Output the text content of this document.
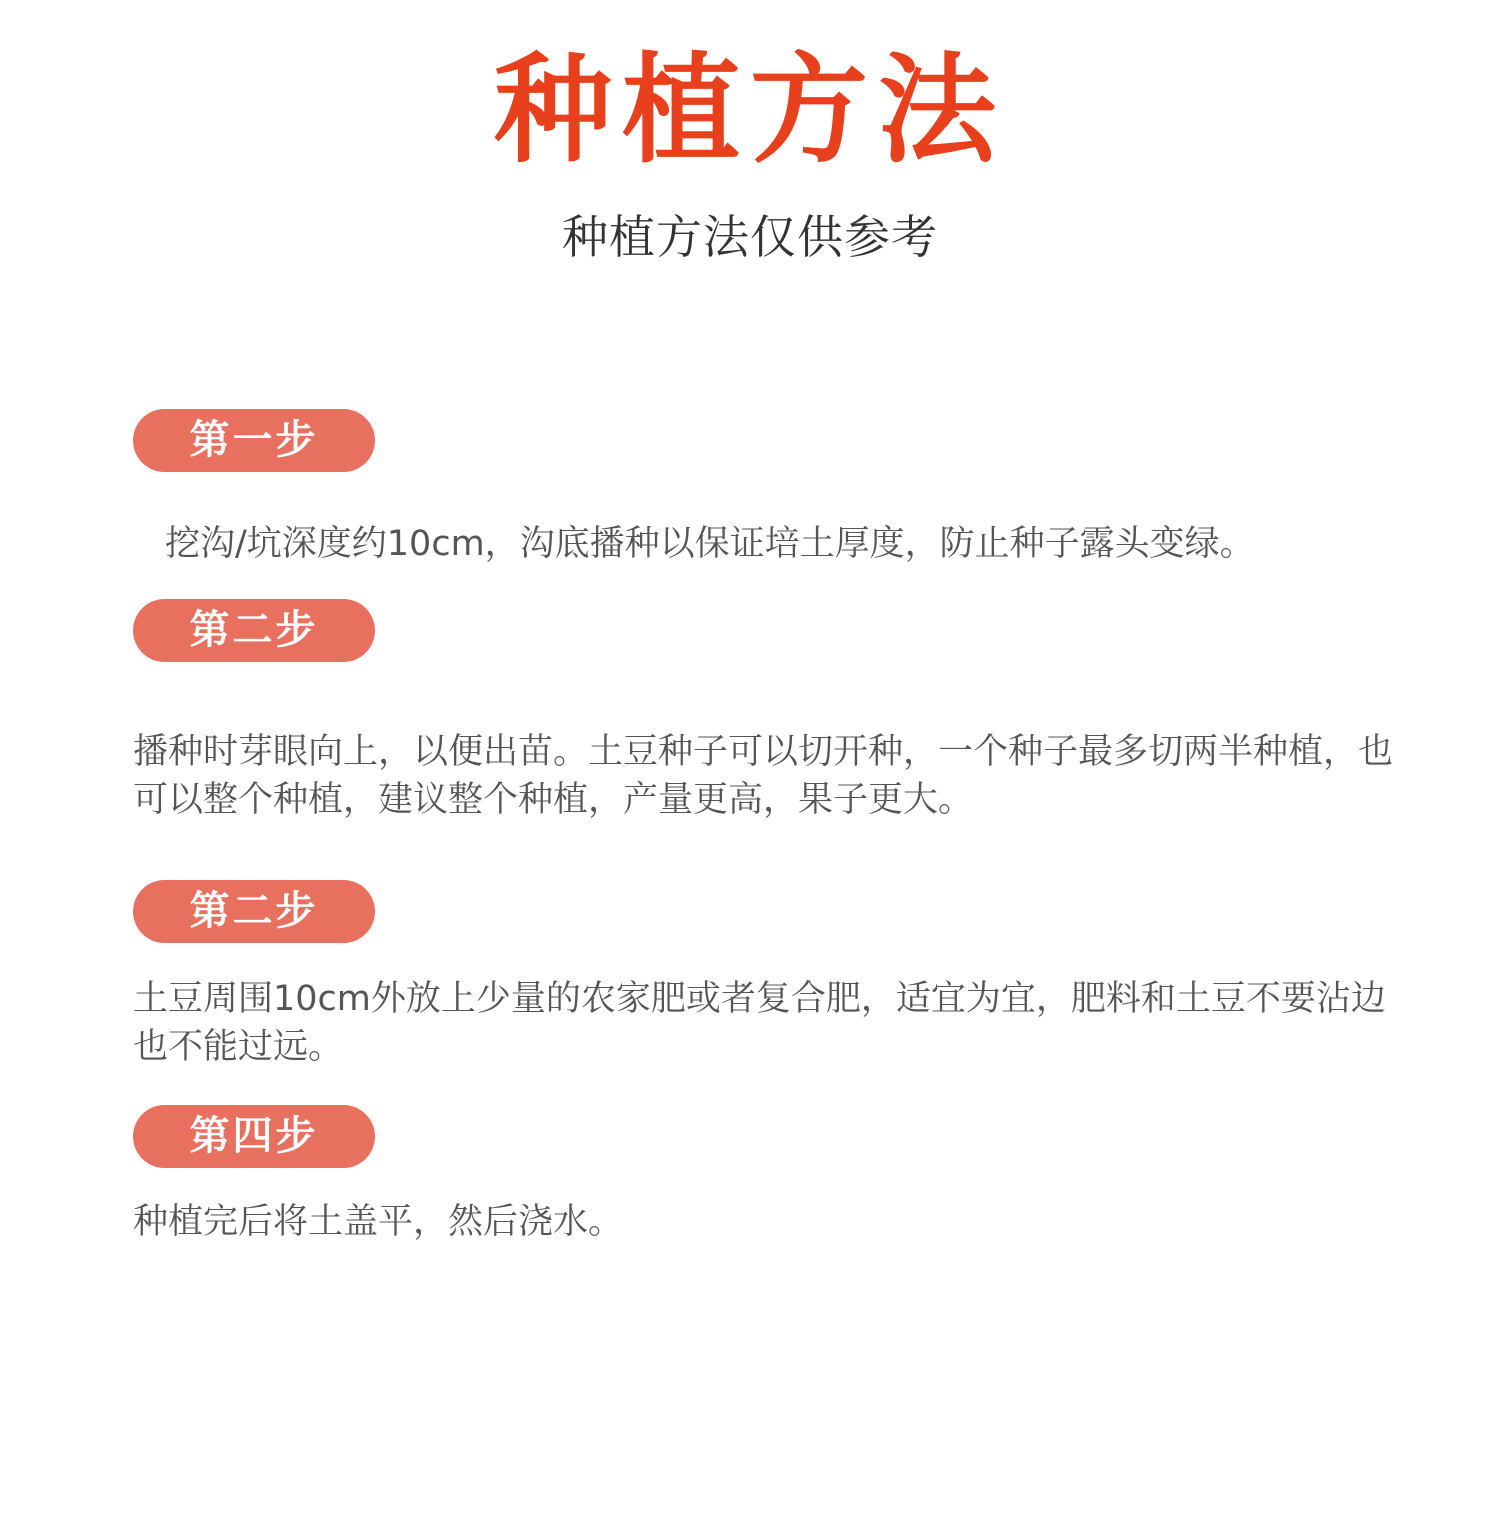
种植方法
种植方法仅供参考
第一步
挖沟/坑深度约10cm，沟底播种以保证培土厚度，防止种子露头变绿。
第二步
播种时芽眼向上，以便出苗。土豆种子可以切开种，一个种子最多切两半种植，也可以整个种植，建议整个种植，产量更高，果子更大。
第二步
土豆周围10cm外放上少量的农家肥或者复合肥，适宜为宜，肥料和土豆不要沾边也不能过远。
第四步
种植完后将土盖平，然后浇水。
